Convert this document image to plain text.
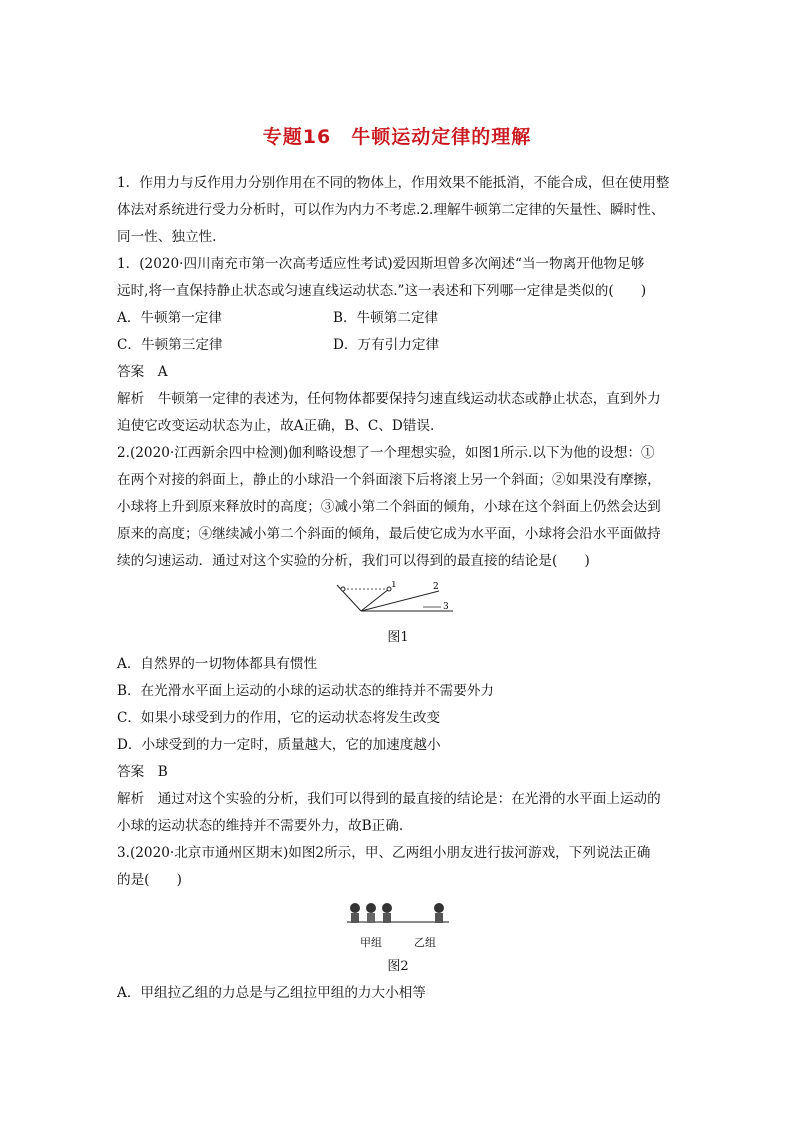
专题16　牛顿运动定律的理解

1．作用力与反作用力分别作用在不同的物体上，作用效果不能抵消，不能合成，但在使用整

体法对系统进行受力分析时，可以作为内力不考虑.2.理解牛顿第二定律的矢量性、瞬时性、

同一性、独立性.

1．(2020·四川南充市第一次高考适应性考试)爱因斯坦曾多次阐述“当一物离开他物足够

远时,将一直保持静止状态或匀速直线运动状态.”这一表述和下列哪一定律是类似的(　　)

A．牛顿第一定律	B．牛顿第二定律

C．牛顿第三定律	D．万有引力定律

答案　A

解析　牛顿第一定律的表述为，任何物体都要保持匀速直线运动状态或静止状态，直到外力

迫使它改变运动状态为止，故A正确，B、C、D错误.

2.(2020·江西新余四中检测)伽利略设想了一个理想实验，如图1所示.以下为他的设想：①

在两个对接的斜面上，静止的小球沿一个斜面滚下后将滚上另一个斜面；②如果没有摩擦，

小球将上升到原来释放时的高度；③减小第二个斜面的倾角，小球在这个斜面上仍然会达到

原来的高度；④继续减小第二个斜面的倾角，最后使它成为水平面，小球将会沿水平面做持

续的匀速运动．通过对这个实验的分析，我们可以得到的最直接的结论是(　　)

1	2
3
图1

A．自然界的一切物体都具有惯性

B．在光滑水平面上运动的小球的运动状态的维持并不需要外力

C．如果小球受到力的作用，它的运动状态将发生改变

D．小球受到的力一定时，质量越大，它的加速度越小

答案　B

解析　通过对这个实验的分析，我们可以得到的最直接的结论是：在光滑的水平面上运动的

小球的运动状态的维持并不需要外力，故B正确.

3.(2020·北京市通州区期末)如图2所示，甲、乙两组小朋友进行拔河游戏，下列说法正确

的是(　　)

甲组	乙组
图2

A．甲组拉乙组的力总是与乙组拉甲组的力大小相等
